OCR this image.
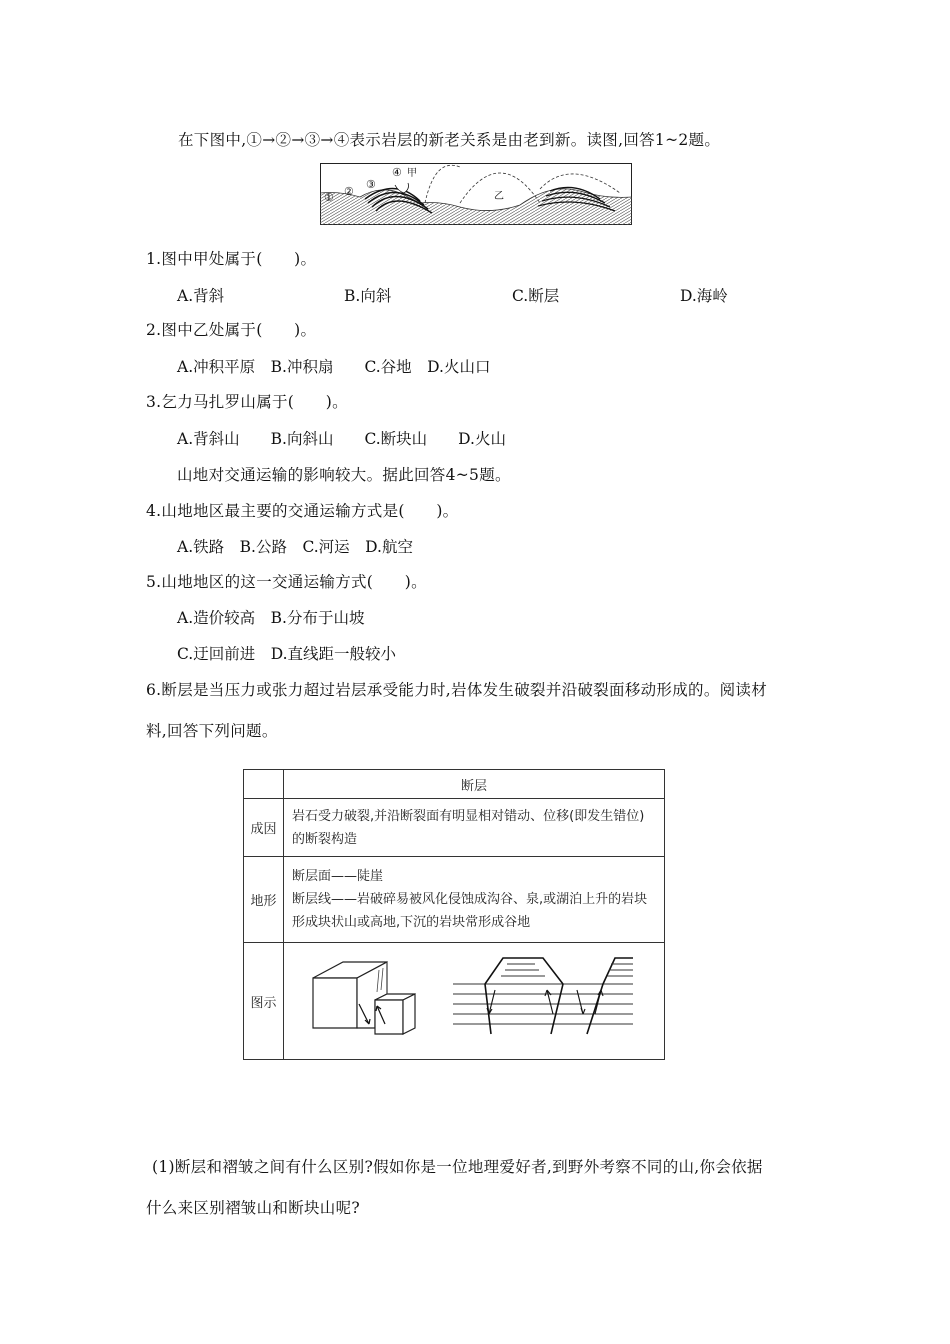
在下图中,①→②→③→④表示岩层的新老关系是由老到新。读图,回答1~2题。
① ②
③
④ 甲
乙
1.图中甲处属于(　　)。
A.背斜	B.向斜	C.断层	D.海岭
2.图中乙处属于(　　)。
A.冲积平原　B.冲积扇　　C.谷地　D.火山口
3.乞力马扎罗山属于(　　)。
A.背斜山　　B.向斜山　　C.断块山　　D.火山
山地对交通运输的影响较大。据此回答4~5题。
4.山地地区最主要的交通运输方式是(　　)。
A.铁路　B.公路　C.河运　D.航空
5.山地地区的这一交通运输方式(　　)。
A.造价较高　B.分布于山坡
C.迂回前进　D.直线距一般较小
6.断层是当压力或张力超过岩层承受能力时,岩体发生破裂并沿破裂面移动形成的。阅读材
料,回答下列问题。
	断层
成因	岩石受力破裂,并沿断裂面有明显相对错动、位移(即发生错位)的断裂构造
地形	断层面——陡崖
断层线——岩破碎易被风化侵蚀成沟谷、泉,或湖泊上升的岩块形成块状山或高地,下沉的岩块常形成谷地

图示	
(1)断层和褶皱之间有什么区别?假如你是一位地理爱好者,到野外考察不同的山,你会依据
什么来区别褶皱山和断块山呢?
